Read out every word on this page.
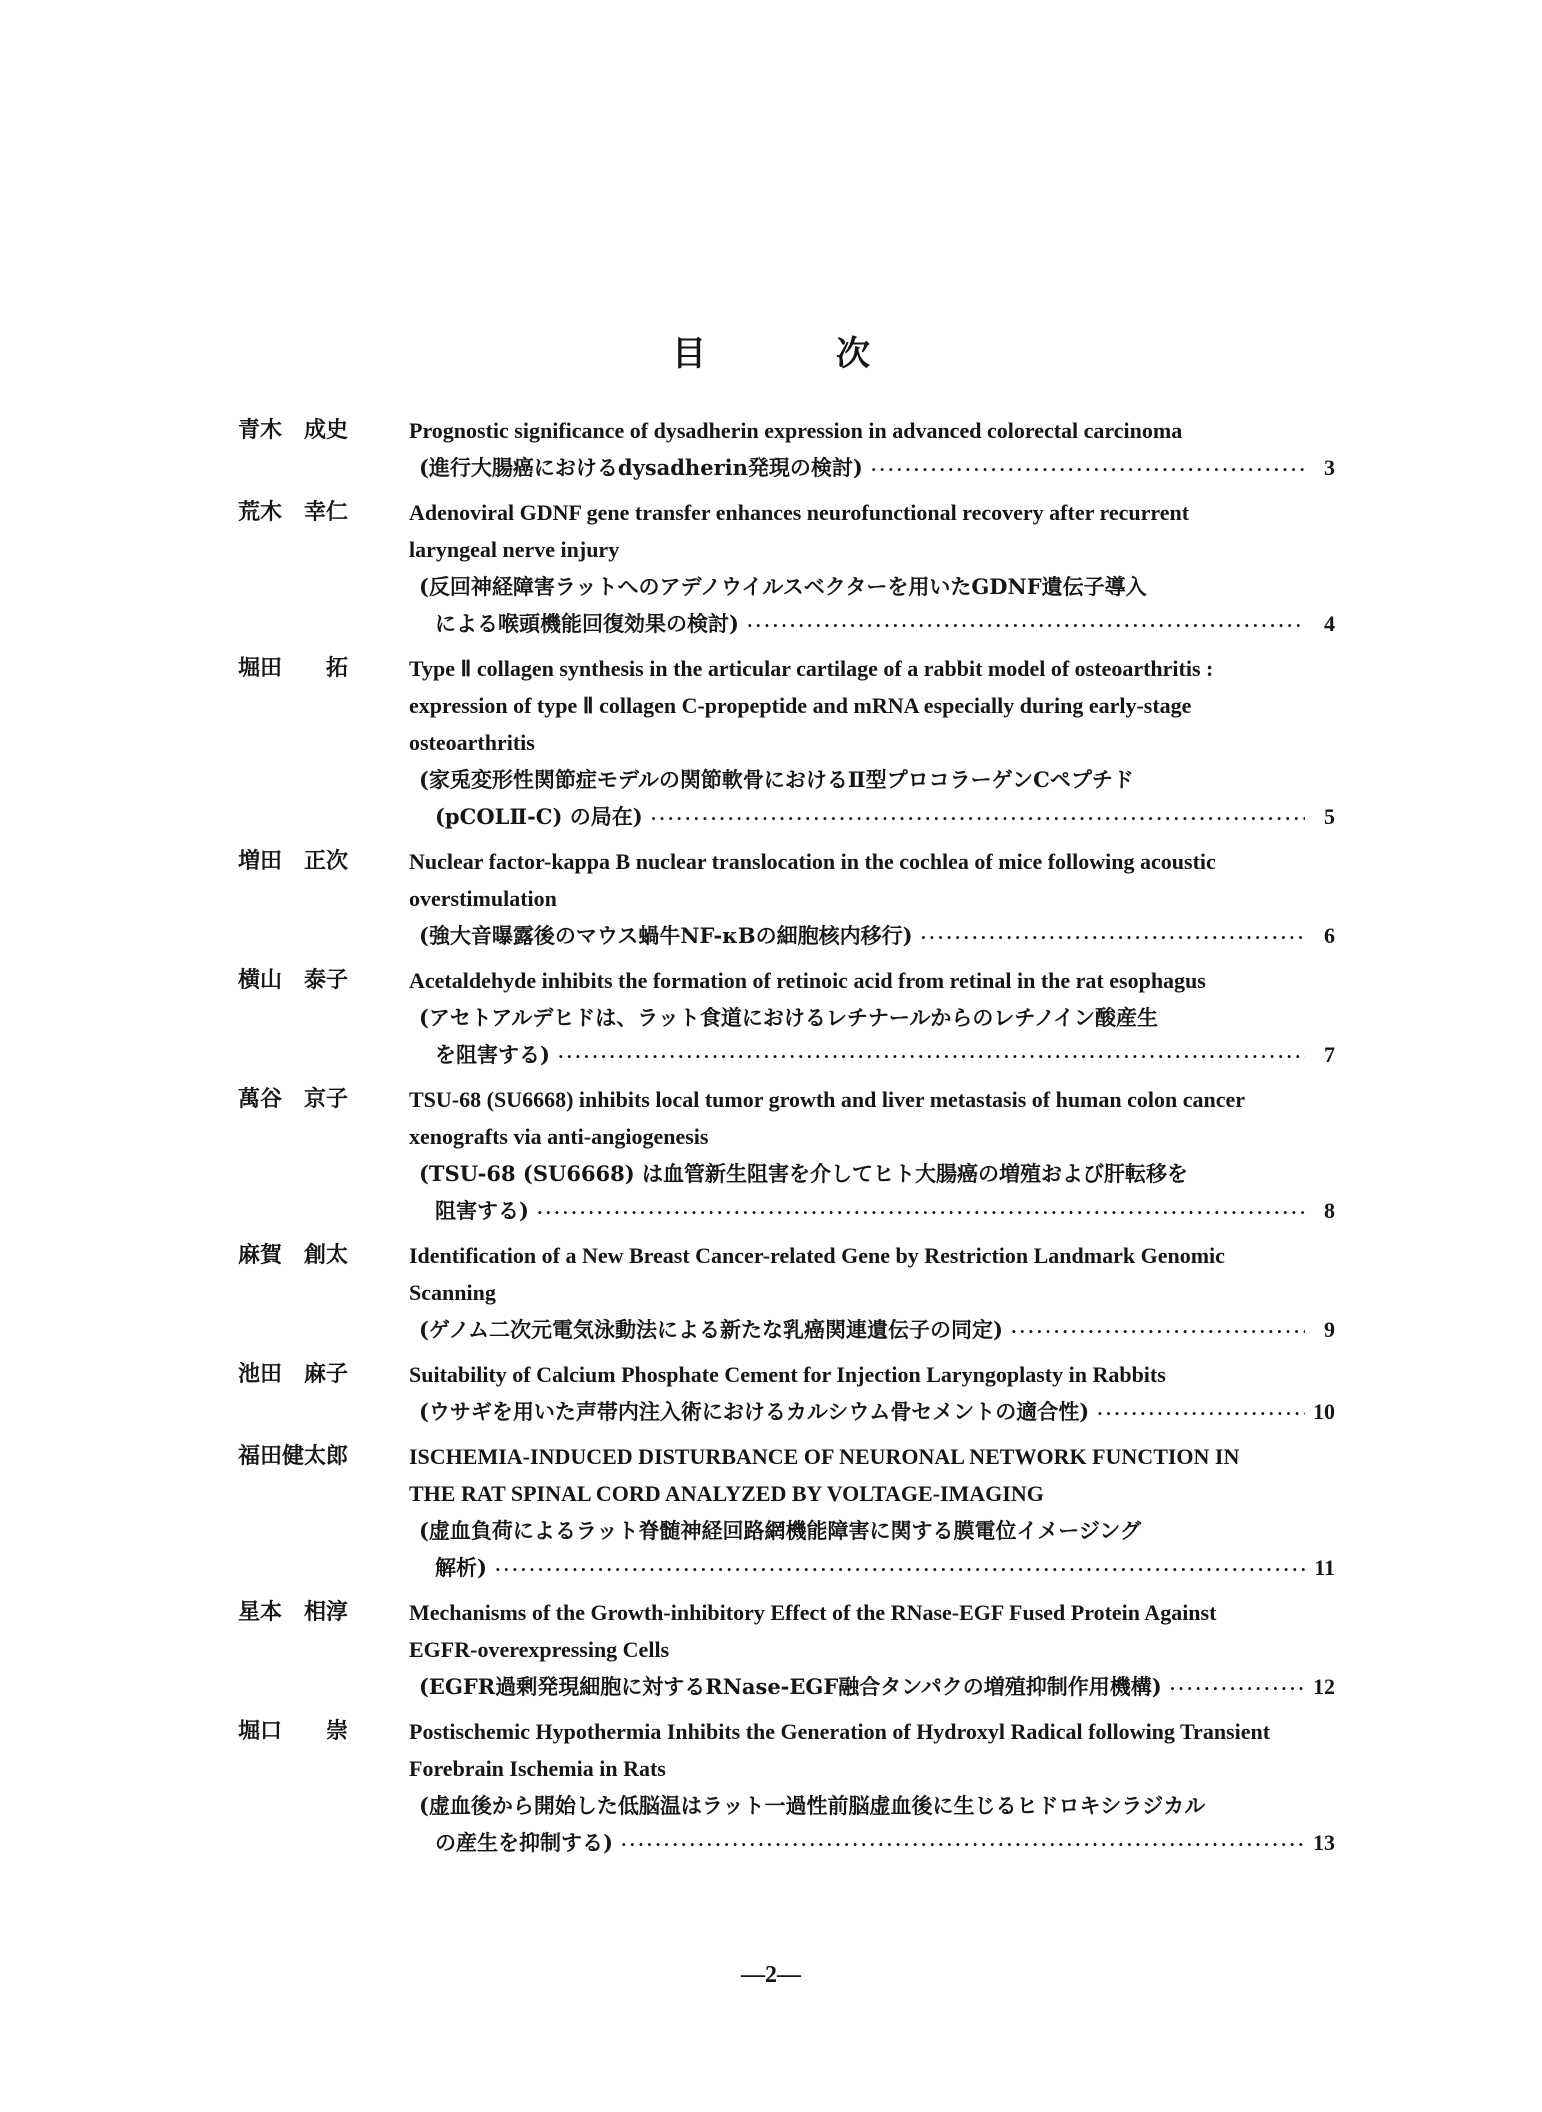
目　次
青木　成史	Prognostic significance of dysadherin expression in advanced colorectal carcinoma
(進行大腸癌におけるdysadherin発現の検討) ·····	3
荒木　幸仁	Adenoviral GDNF gene transfer enhances neurofunctional recovery after recurrent
laryngeal nerve injury
(反回神経障害ラットへのアデノウイルスベクターを用いたGDNF遺伝子導入
による喉頭機能回復効果の検討) ·····	4
堀田　　拓	Type Ⅱ collagen synthesis in the articular cartilage of a rabbit model of osteoarthritis :
expression of type Ⅱ collagen C-propeptide and mRNA especially during early-stage
osteoarthritis
(家兎変形性関節症モデルの関節軟骨におけるⅡ型プロコラーゲンCペプチド
(pCOLⅡ-C) の局在) ·····	5
増田　正次	Nuclear factor-kappa B nuclear translocation in the cochlea of mice following acoustic
overstimulation
(強大音曝露後のマウス蝸牛NF-κBの細胞核内移行) ·····	6
横山　泰子	Acetaldehyde inhibits the formation of retinoic acid from retinal in the rat esophagus
(アセトアルデヒドは、ラット食道におけるレチナールからのレチノイン酸産生
を阻害する) ·····	7
萬谷　京子	TSU-68 (SU6668) inhibits local tumor growth and liver metastasis of human colon cancer
xenografts via anti-angiogenesis
(TSU-68 (SU6668) は血管新生阻害を介してヒト大腸癌の増殖および肝転移を
阻害する) ·····	8
麻賀　創太	Identification of a New Breast Cancer-related Gene by Restriction Landmark Genomic
Scanning
(ゲノム二次元電気泳動法による新たな乳癌関連遺伝子の同定) ·····	9
池田　麻子	Suitability of Calcium Phosphate Cement for Injection Laryngoplasty in Rabbits
(ウサギを用いた声帯内注入術におけるカルシウム骨セメントの適合性) ·····	10
福田健太郎	ISCHEMIA-INDUCED DISTURBANCE OF NEURONAL NETWORK FUNCTION IN
THE RAT SPINAL CORD ANALYZED BY VOLTAGE-IMAGING
(虚血負荷によるラット脊髄神経回路網機能障害に関する膜電位イメージング
解析) ·····	11
星本　相淳	Mechanisms of the Growth-inhibitory Effect of the RNase-EGF Fused Protein Against
EGFR-overexpressing Cells
(EGFR過剰発現細胞に対するRNase-EGF融合タンパクの増殖抑制作用機構) ·····	12
堀口　　崇	Postischemic Hypothermia Inhibits the Generation of Hydroxyl Radical following Transient
Forebrain Ischemia in Rats
(虚血後から開始した低脳温はラット一過性前脳虚血後に生じるヒドロキシラジカル
の産生を抑制する) ·····	13
―2―
